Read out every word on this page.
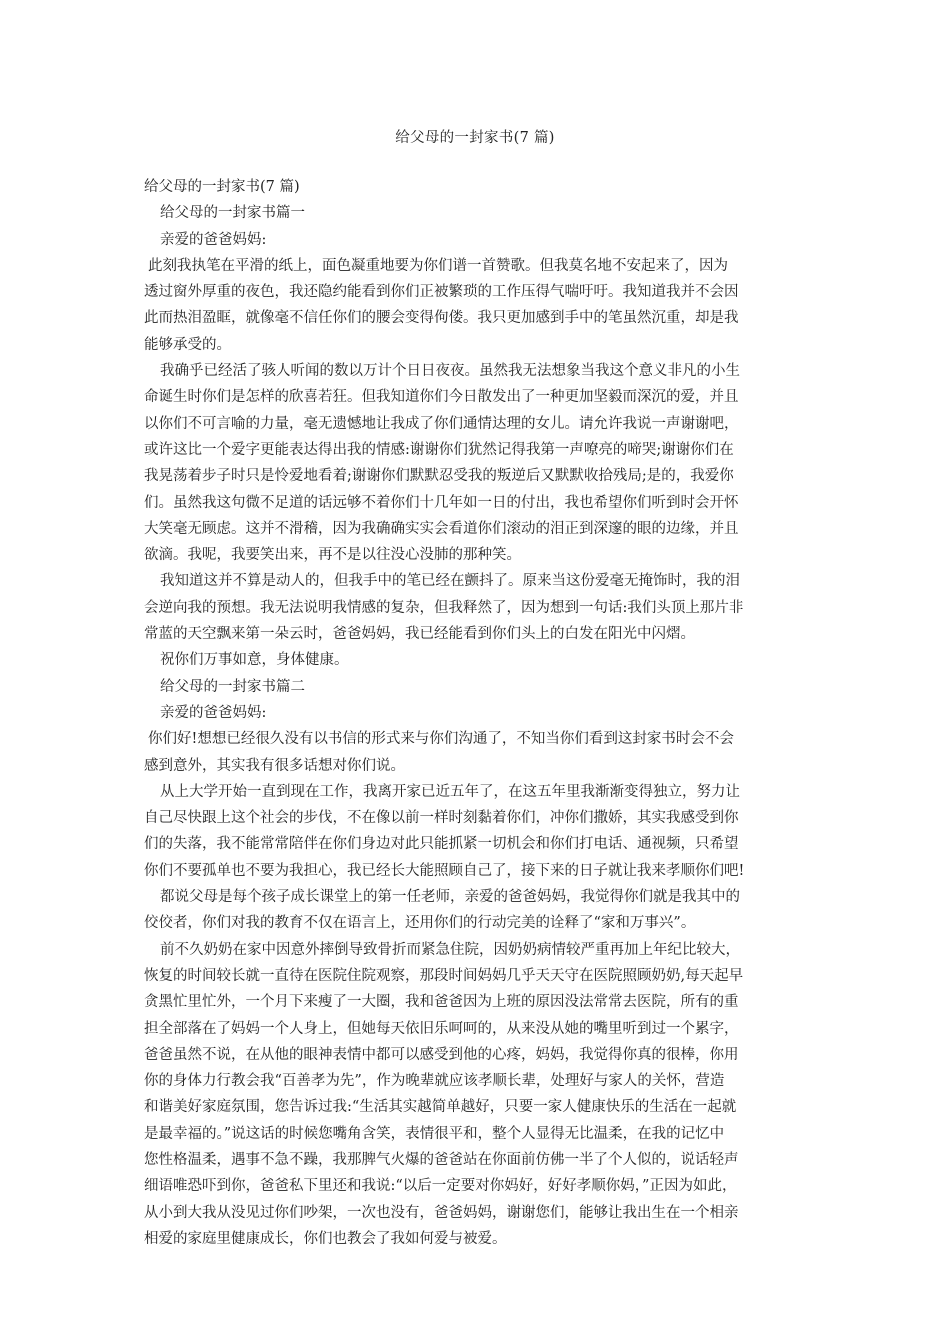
给父母的一封家书(7 篇)

给父母的一封家书(7 篇)

给父母的一封家书篇一

亲爱的爸爸妈妈:

此刻我执笔在平滑的纸上，面色凝重地要为你们谱一首赞歌。但我莫名地不安起来了，因为

透过窗外厚重的夜色，我还隐约能看到你们正被繁琐的工作压得气喘吁吁。我知道我并不会因

此而热泪盈眶，就像毫不信任你们的腰会变得佝偻。我只更加感到手中的笔虽然沉重，却是我

能够承受的。

我确乎已经活了骇人听闻的数以万计个日日夜夜。虽然我无法想象当我这个意义非凡的小生

命诞生时你们是怎样的欣喜若狂。但我知道你们今日散发出了一种更加坚毅而深沉的爱，并且

以你们不可言喻的力量，毫无遗憾地让我成了你们通情达理的女儿。请允许我说一声谢谢吧，

或许这比一个爱字更能表达得出我的情感:谢谢你们犹然记得我第一声嘹亮的啼哭;谢谢你们在

我晃荡着步子时只是怜爱地看着;谢谢你们默默忍受我的叛逆后又默默收拾残局;是的，我爱你

们。虽然我这句微不足道的话远够不着你们十几年如一日的付出，我也希望你们听到时会开怀

大笑毫无顾虑。这并不滑稽，因为我确确实实会看道你们滚动的泪正到深邃的眼的边缘，并且

欲滴。我呢，我要笑出来，再不是以往没心没肺的那种笑。

我知道这并不算是动人的，但我手中的笔已经在颤抖了。原来当这份爱毫无掩饰时，我的泪

会逆向我的预想。我无法说明我情感的复杂，但我释然了，因为想到一句话:我们头顶上那片非

常蓝的天空飘来第一朵云时，爸爸妈妈，我已经能看到你们头上的白发在阳光中闪熠。

祝你们万事如意，身体健康。

给父母的一封家书篇二

亲爱的爸爸妈妈:

你们好!想想已经很久没有以书信的形式来与你们沟通了，不知当你们看到这封家书时会不会

感到意外，其实我有很多话想对你们说。

从上大学开始一直到现在工作，我离开家已近五年了，在这五年里我渐渐变得独立，努力让

自己尽快跟上这个社会的步伐，不在像以前一样时刻黏着你们，冲你们撒娇，其实我感受到你

们的失落，我不能常常陪伴在你们身边对此只能抓紧一切机会和你们打电话、通视频，只希望

你们不要孤单也不要为我担心，我已经长大能照顾自己了，接下来的日子就让我来孝顺你们吧!

都说父母是每个孩子成长课堂上的第一任老师，亲爱的爸爸妈妈，我觉得你们就是我其中的

佼佼者，你们对我的教育不仅在语言上，还用你们的行动完美的诠释了“家和万事兴”。

前不久奶奶在家中因意外摔倒导致骨折而紧急住院，因奶奶病情较严重再加上年纪比较大，

恢复的时间较长就一直待在医院住院观察，那段时间妈妈几乎天天守在医院照顾奶奶,每天起早

贪黑忙里忙外，一个月下来瘦了一大圈，我和爸爸因为上班的原因没法常常去医院，所有的重

担全部落在了妈妈一个人身上，但她每天依旧乐呵呵的，从来没从她的嘴里听到过一个累字，

爸爸虽然不说，在从他的眼神表情中都可以感受到他的心疼，妈妈，我觉得你真的很棒，你用

你的身体力行教会我“百善孝为先”，作为晚辈就应该孝顺长辈，处理好与家人的关怀，营造

和谐美好家庭氛围，您告诉过我:“生活其实越简单越好，只要一家人健康快乐的生活在一起就

是最幸福的。”说这话的时候您嘴角含笑，表情很平和，整个人显得无比温柔，在我的记忆中

您性格温柔，遇事不急不躁，我那脾气火爆的爸爸站在你面前仿佛一半了个人似的，说话轻声

细语唯恐吓到你，爸爸私下里还和我说:“以后一定要对你妈好，好好孝顺你妈，”正因为如此，

从小到大我从没见过你们吵架，一次也没有，爸爸妈妈，谢谢您们，能够让我出生在一个相亲

相爱的家庭里健康成长，你们也教会了我如何爱与被爱。
